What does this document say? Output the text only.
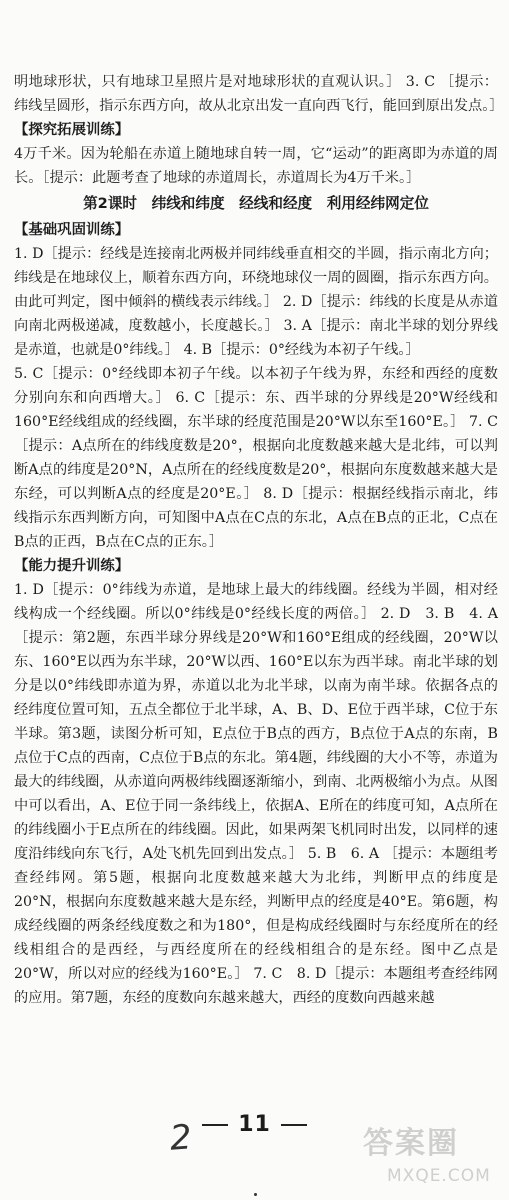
明地球形状，只有地球卫星照片是对地球形状的直观认识。］ 3. C ［提示：纬线呈圆形，指示东西方向，故从北京出发一直向西飞行，能回到原出发点。］

【探究拓展训练】

4万千米。因为轮船在赤道上随地球自转一周，它“运动”的距离即为赤道的周长。［提示：此题考查了地球的赤道周长，赤道周长为4万千米。］

第2课时　纬线和纬度　经线和经度　利用经纬网定位

【基础巩固训练】

1. D［提示：经线是连接南北两极并同纬线垂直相交的半圆，指示南北方向；纬线是在地球仪上，顺着东西方向，环绕地球仪一周的圆圈，指示东西方向。由此可判定，图中倾斜的横线表示纬线。］ 2. D［提示：纬线的长度是从赤道向南北两极递减，度数越小，长度越长。］ 3. A［提示：南北半球的划分界线是赤道，也就是0°纬线。］ 4. B［提示：0°经线为本初子午线。］

5. C［提示：0°经线即本初子午线。以本初子午线为界，东经和西经的度数分别向东和向西增大。］ 6. C［提示：东、西半球的分界线是20°W经线和160°E经线组成的经线圈，东半球的经度范围是20°W以东至160°E。］ 7. C ［提示：A点所在的纬线度数是20°，根据向北度数越来越大是北纬，可以判断A点的纬度是20°N，A点所在的经线度数是20°，根据向东度数越来越大是东经，可以判断A点的经度是20°E。］ 8. D［提示：根据经线指示南北，纬线指示东西判断方向，可知图中A点在C点的东北，A点在B点的正北，C点在B点的正西，B点在C点的正东。］

【能力提升训练】

1. D［提示：0°纬线为赤道，是地球上最大的纬线圈。经线为半圆，相对经线构成一个经线圈。所以0°纬线是0°经线长度的两倍。］ 2. D　3. B　4. A ［提示：第2题，东西半球分界线是20°W和160°E组成的经线圈，20°W以东、160°E以西为东半球，20°W以西、160°E以东为西半球。南北半球的划分是以0°纬线即赤道为界，赤道以北为北半球，以南为南半球。依据各点的经纬度位置可知，五点全都位于北半球，A、B、D、E位于西半球，C位于东半球。第3题，读图分析可知，E点位于B点的西方，B点位于A点的东南，B点位于C点的西南，C点位于B点的东北。第4题，纬线圈的大小不等，赤道为最大的纬线圈，从赤道向两极纬线圈逐渐缩小，到南、北两极缩小为点。从图中可以看出，A、E位于同一条纬线上，依据A、E所在的纬度可知，A点所在的纬线圈小于E点所在的纬线圈。因此，如果两架飞机同时出发，以同样的速度沿纬线向东飞行，A处飞机先回到出发点。］ 5. B　6. A ［提示：本题组考查经纬网。第5题，根据向北度数越来越大为北纬，判断甲点的纬度是20°N，根据向东度数越来越大是东经，判断甲点的经度是40°E。第6题，构成经线圈的两条经线度数之和为180°，但是构成经线圈时与东经度所在的经线相组合的是西经，与西经度所在的经线相组合的是东经。图中乙点是20°W，所以对应的经线为160°E。］ 7. C　8. D［提示：本题组考查经纬网的应用。第7题，东经的度数向东越来越大，西经的度数向西越来越

2	11
答案圈
MXQE.COM
